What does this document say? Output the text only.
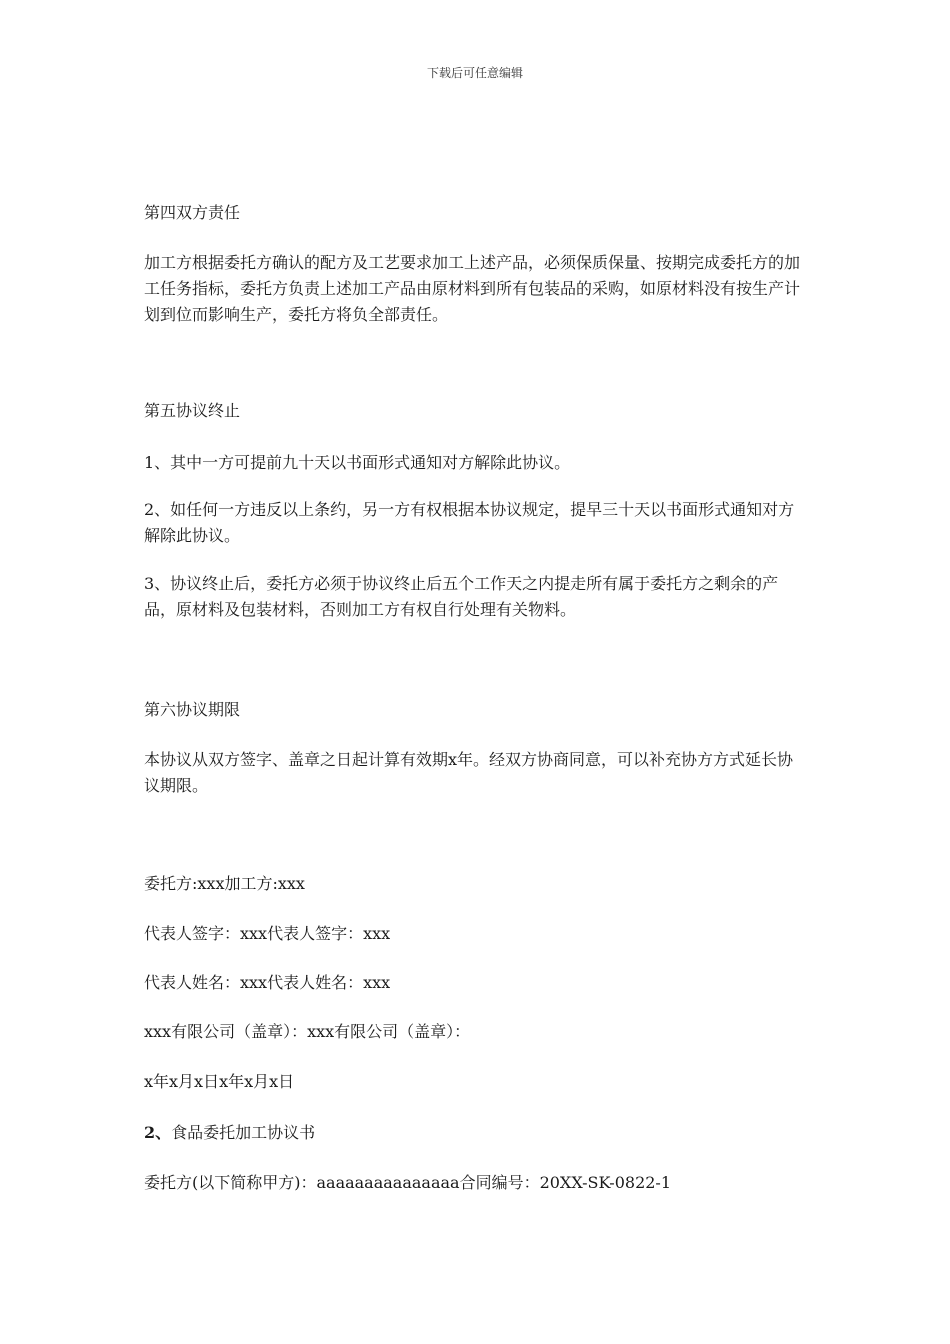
下载后可任意编辑

第四双方责任

加工方根据委托方确认的配方及工艺要求加工上述产品，必须保质保量、按期完成委托方的加工任务指标，委托方负责上述加工产品由原材料到所有包装品的采购，如原材料没有按生产计划到位而影响生产，委托方将负全部责任。

第五协议终止

1、其中一方可提前九十天以书面形式通知对方解除此协议。

2、如任何一方违反以上条约，另一方有权根据本协议规定，提早三十天以书面形式通知对方解除此协议。

3、协议终止后，委托方必须于协议终止后五个工作天之内提走所有属于委托方之剩余的产品，原材料及包装材料，否则加工方有权自行处理有关物料。

第六协议期限

本协议从双方签字、盖章之日起计算有效期x年。经双方协商同意，可以补充协方方式延长协议期限。

委托方:xxx加工方:xxx

代表人签字：xxx代表人签字：xxx

代表人姓名：xxx代表人姓名：xxx

xxx有限公司（盖章）：xxx有限公司（盖章）：

x年x月x日x年x月x日

2、食品委托加工协议书

委托方(以下简称甲方)：aaaaaaaaaaaaaaa合同编号：20XX-SK-0822-1
